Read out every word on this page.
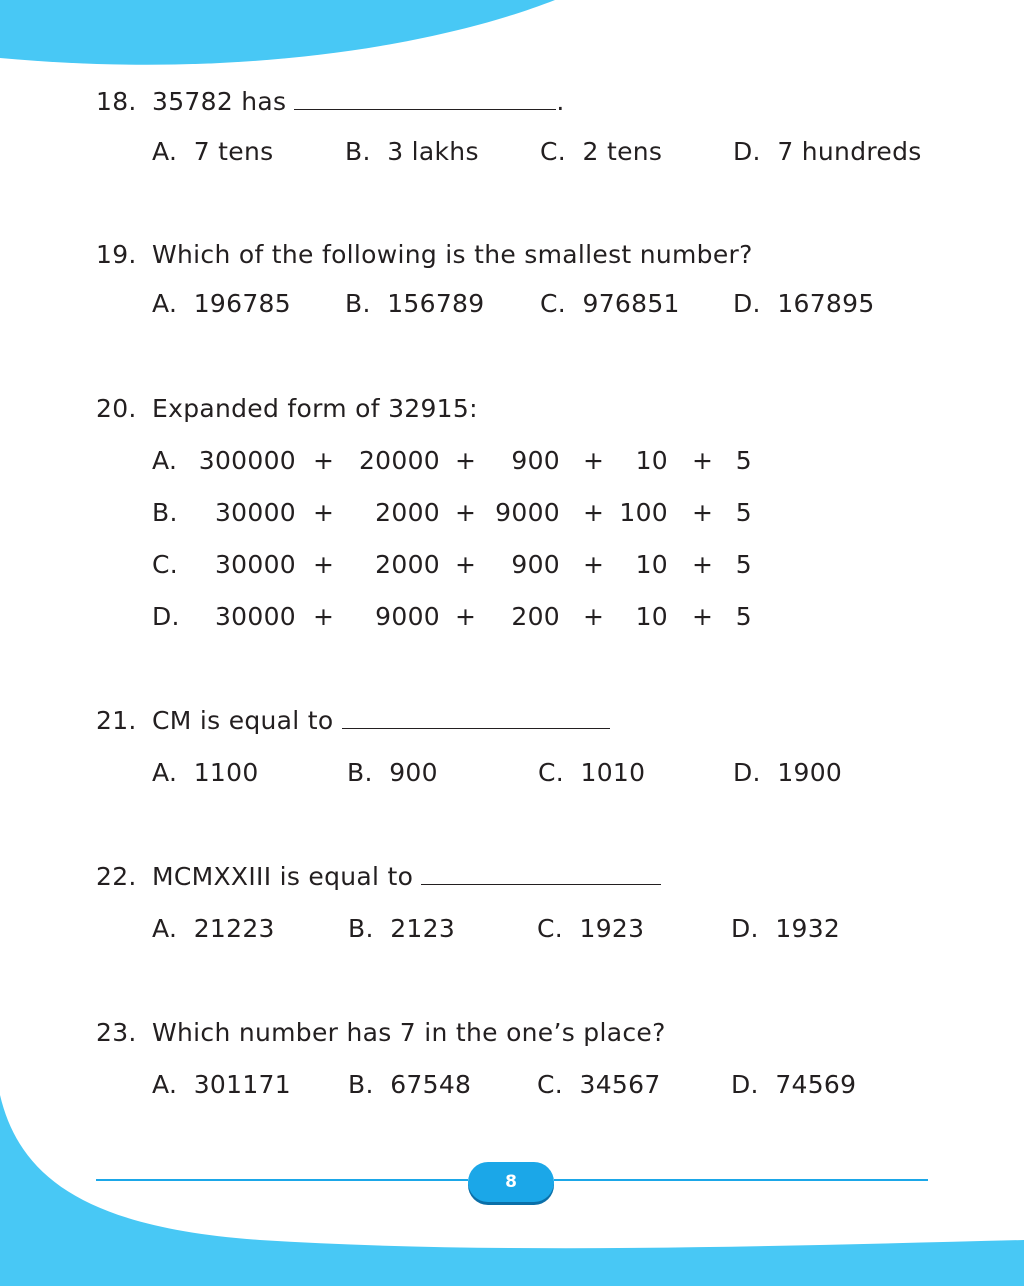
18. 35782 has	.
A. 7 tens	B. 3 lakhs C. 2 tens	D. 7 hundreds
19. Which of the following is the smallest number?
A. 196785 B. 156789 C. 976851 D. 167895
20. Expanded form of 32915:
A. 300000 + 20000 +	900 +	10 + 5
B.	30000 +	2000 + 9000 + 100 + 5
C.	30000 +	2000 +	900 +	10 + 5
D.	30000 +	9000 +	200 +	10 + 5
21. CM is equal to
A. 1100	B. 900	C. 1010	D. 1900
22. MCMXXIII is equal to
A. 21223	B. 2123	C. 1923	D. 1932
23. Which number has 7 in the one’s place?
A. 301171 B. 67548	C. 34567	D. 74569
8
